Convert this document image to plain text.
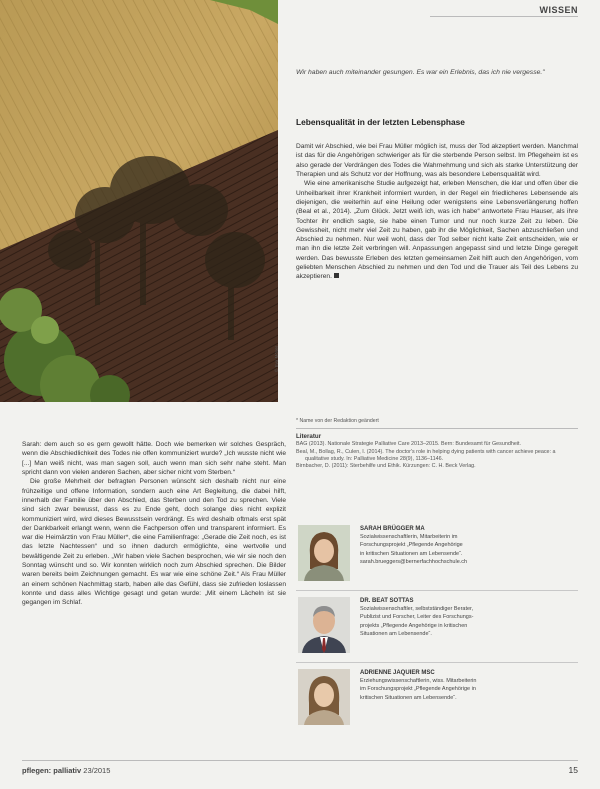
WISSEN
© Eva Möser

Wir haben auch miteinander gesungen. Es war ein Erlebnis, das ich nie vergesse."

Lebensqualität in der letzten Lebensphase

Damit wir Abschied, wie bei Frau Müller möglich ist, muss der Tod akzeptiert werden. Manchmal ist das für die Angehörigen schwieriger als für die sterbende Person selbst. Im Pflegeheim ist es also gerade der Verdrängen des Todes die Wahrnehmung und sich als starke Unterstützung der Therapien und als Schutz vor der Hoffnung, was als besondere Lebensqualität wird.

Wie eine amerikanische Studie aufgezeigt hat, erleben Menschen, die klar und offen über die Unheilbarkeit ihrer Krankheit informiert wurden, in der Regel ein friedlicheres Lebensende als diejenigen, die weiterhin auf eine Heilung oder wenigstens eine Lebensverlängerung hoffen (Beal et al., 2014). „Zum Glück. Jetzt weiß ich, was ich habe“ antwortete Frau Hauser, als ihre Tochter ihr endlich sagte, sie habe einen Tumor und nur noch kurze Zeit zu leben. Die Gewissheit, nicht mehr viel Zeit zu haben, gab ihr die Möglichkeit, Sachen abzuschließen und Abschied zu nehmen. Nur weil wohl, dass der Tod selber nicht kalte Zeit entscheiden, wie er man ihn die letzte Zeit verbringen will. Anpassungen angepasst sind und letzte Dinge geregelt werden. Das bewusste Erleben des letzten gemeinsamen Zeit hilft auch den Angehörigen, vom geliebten Menschen Abschied zu nehmen und den Tod und die Trauer als Teil des Lebens zu akzeptieren.

* Name von der Redaktion geändert

Sarah: dem auch so es gern gewollt hätte. Doch wie bemerken wir solches Gespräch, wenn die Abschiedlichkeit des Todes nie offen kommuniziert wurde? „Ich wusste nicht wie [...] Man weiß nicht, was man sagen soll, auch wenn man sich sehr nahe steht. Man spricht dann von vielen anderen Sachen, aber sicher nicht vom Sterben.“

Die große Mehrheit der befragten Personen wünscht sich deshalb nicht nur eine frühzeitige und offene Information, sondern auch eine Art Begleitung, die dabei hilft, innerhalb der Familie über den Abschied, das Sterben und den Tod zu sprechen. Viele sind sich zwar bewusst, dass es zu Ende geht, doch solange dies nicht explizit kommuniziert wird, wird dieses Bewusstsein verdrängt. Es wird deshalb oftmals erst spät der Dankbarkeit erlangt wenn, wenn die Fachperson offen und transparent informiert. Es war die Heimärztin von Frau Müller*, die eine Familienfrage: „Gerade die Zeit noch, es ist das letzte Nachtessen“ und so ihnen dadurch ermöglichte, eine wertvolle und bewältigende Zeit zu erleben. „Wir haben viele Sachen besprochen, wie wir sie noch den Sonntag wünscht und so. Wir konnten wirklich noch zum Abschied sprechen. Die Bilder waren bereits beim Zeichnungen gemacht. Es war wie eine schöne Zeit.“ Als Frau Müller an einem schönen Nachmittag starb, haben alle das Gefühl, dass sie zufrieden loslassen konnte und dass alles Wichtige gesagt und getan wurde: „Mit einem Lächeln ist sie gegangen im Schlaf.

Literatur
BAG (2013). Nationale Strategie Palliative Care 2013–2015. Bern: Bundesamt für Gesundheit.
Beal, M., Bollag, R., Culen, I. (2014). The doctor's role in helping dying patients with cancer achieve peace: a qualitative study. In: Palliative Medicine 28(9), 1136–1146.
Birnbacher, D. (2011): Sterbehilfe und Ethik. Kürzungen: C. H. Beck Verlag.
SARAH BRÜGGER MA
Sozialwissenschaftlerin, Mitarbeiterin im
Forschungsprojekt „Pflegende Angehörige
in kritischen Situationen am Lebensende“.
sarah.brueggers@bernerfachhochschule.ch
DR. BEAT SOTTAS
Sozialwissenschaftler, selbstständiger Berater,
Publizist und Forscher, Leiter des Forschungs-
projekts „Pflegende Angehörige in kritischen
Situationen am Lebensende“.
ADRIENNE JAQUIER MSC
Erziehungswissenschaftlerin, wiss. Mitarbeiterin
im Forschungsprojekt „Pflegende Angehörige in
kritischen Situationen am Lebensende“.
pflegen: palliativ 23/2015	15
